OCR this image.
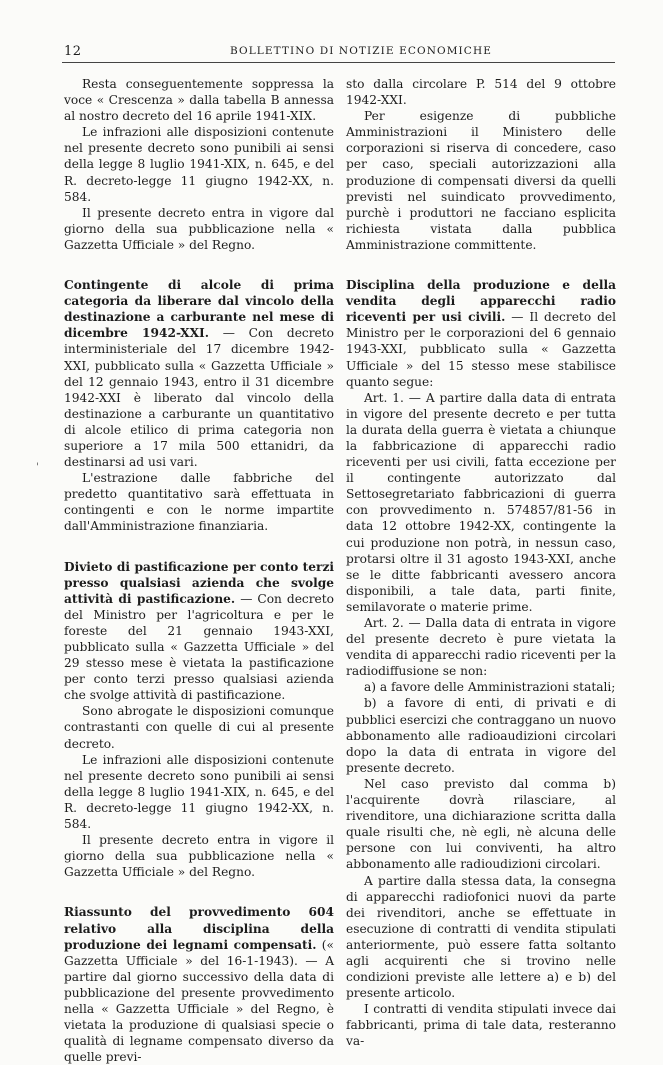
12	BOLLETTINO DI NOTIZIE ECONOMICHE
'

Resta conseguentemente soppressa la voce « Crescenza » dalla tabella B annessa al nostro decreto del 16 aprile 1941-XIX.

Le infrazioni alle disposizioni contenute nel presente decreto sono punibili ai sensi della legge 8 luglio 1941-XIX, n. 645, e del R. decreto-legge 11 giugno 1942-XX, n. 584.

Il presente decreto entra in vigore dal giorno della sua pubblicazione nella « Gazzetta Ufficiale » del Regno.

Contingente di alcole di prima categoria da liberare dal vincolo della destinazione a carburante nel mese di dicembre 1942-XXI. — Con decreto interministeriale del 17 dicembre 1942-XXI, pubblicato sulla « Gazzetta Ufficiale » del 12 gennaio 1943, entro il 31 dicembre 1942-XXI è liberato dal vincolo della destinazione a carburante un quantitativo di alcole etilico di prima categoria non superiore a 17 mila 500 ettanidri, da destinarsi ad usi vari.

L'estrazione dalle fabbriche del predetto quantitativo sarà effettuata in contingenti e con le norme impartite dall'Amministrazione finanziaria.

Divieto di pastificazione per conto terzi presso qualsiasi azienda che svolge attività di pastificazione. — Con decreto del Ministro per l'agricoltura e per le foreste del 21 gennaio 1943-XXI, pubblicato sulla « Gazzetta Ufficiale » del 29 stesso mese è vietata la pastificazione per conto terzi presso qualsiasi azienda che svolge attività di pastificazione.

Sono abrogate le disposizioni comunque contrastanti con quelle di cui al presente decreto.

Le infrazioni alle disposizioni contenute nel presente decreto sono punibili ai sensi della legge 8 luglio 1941-XIX, n. 645, e del R. decreto-legge 11 giugno 1942-XX, n. 584.

Il presente decreto entra in vigore il giorno della sua pubblicazione nella « Gazzetta Ufficiale » del Regno.

Riassunto del provvedimento 604 relativo alla disciplina della produzione dei legnami compensati. (« Gazzetta Ufficiale » del 16-1-1943). — A partire dal giorno successivo della data di pubblicazione del presente provvedimento nella « Gazzetta Ufficiale » del Regno, è vietata la produzione di qualsiasi specie o qualità di legname compensato diverso da quelle previ-

sto dalla circolare P. 514 del 9 ottobre 1942-XXI.

Per esigenze di pubbliche Amministrazioni il Ministero delle corporazioni si riserva di concedere, caso per caso, speciali autorizzazioni alla produzione di compensati diversi da quelli previsti nel suindicato provvedimento, purchè i produttori ne facciano esplicita richiesta vistata dalla pubblica Amministrazione committente.

Disciplina della produzione e della vendita degli apparecchi radio riceventi per usi civili. — Il decreto del Ministro per le corporazioni del 6 gennaio 1943-XXI, pubblicato sulla « Gazzetta Ufficiale » del 15 stesso mese stabilisce quanto segue:

Art. 1. — A partire dalla data di entrata in vigore del presente decreto e per tutta la durata della guerra è vietata a chiunque la fabbricazione di apparecchi radio riceventi per usi civili, fatta eccezione per il contingente autorizzato dal Settosegretariato fabbricazioni di guerra con provvedimento n. 574857/81-56 in data 12 ottobre 1942-XX, contingente la cui produzione non potrà, in nessun caso, protarsi oltre il 31 agosto 1943-XXI, anche se le ditte fabbricanti avessero ancora disponibili, a tale data, parti finite, semilavorate o materie prime.

Art. 2. — Dalla data di entrata in vigore del presente decreto è pure vietata la vendita di apparecchi radio riceventi per la radiodiffusione se non:

a) a favore delle Amministrazioni statali;

b) a favore di enti, di privati e di pubblici esercizi che contraggano un nuovo abbonamento alle radioaudizioni circolari dopo la data di entrata in vigore del presente decreto.

Nel caso previsto dal comma b) l'acquirente dovrà rilasciare, al rivenditore, una dichiarazione scritta dalla quale risulti che, nè egli, nè alcuna delle persone con lui conviventi, ha altro abbonamento alle radioudizioni circolari.

A partire dalla stessa data, la consegna di apparecchi radiofonici nuovi da parte dei rivenditori, anche se effettuate in esecuzione di contratti di vendita stipulati anteriormente, può essere fatta soltanto agli acquirenti che si trovino nelle condizioni previste alle lettere a) e b) del presente articolo.

I contratti di vendita stipulati invece dai fabbricanti, prima di tale data, resteranno va-
